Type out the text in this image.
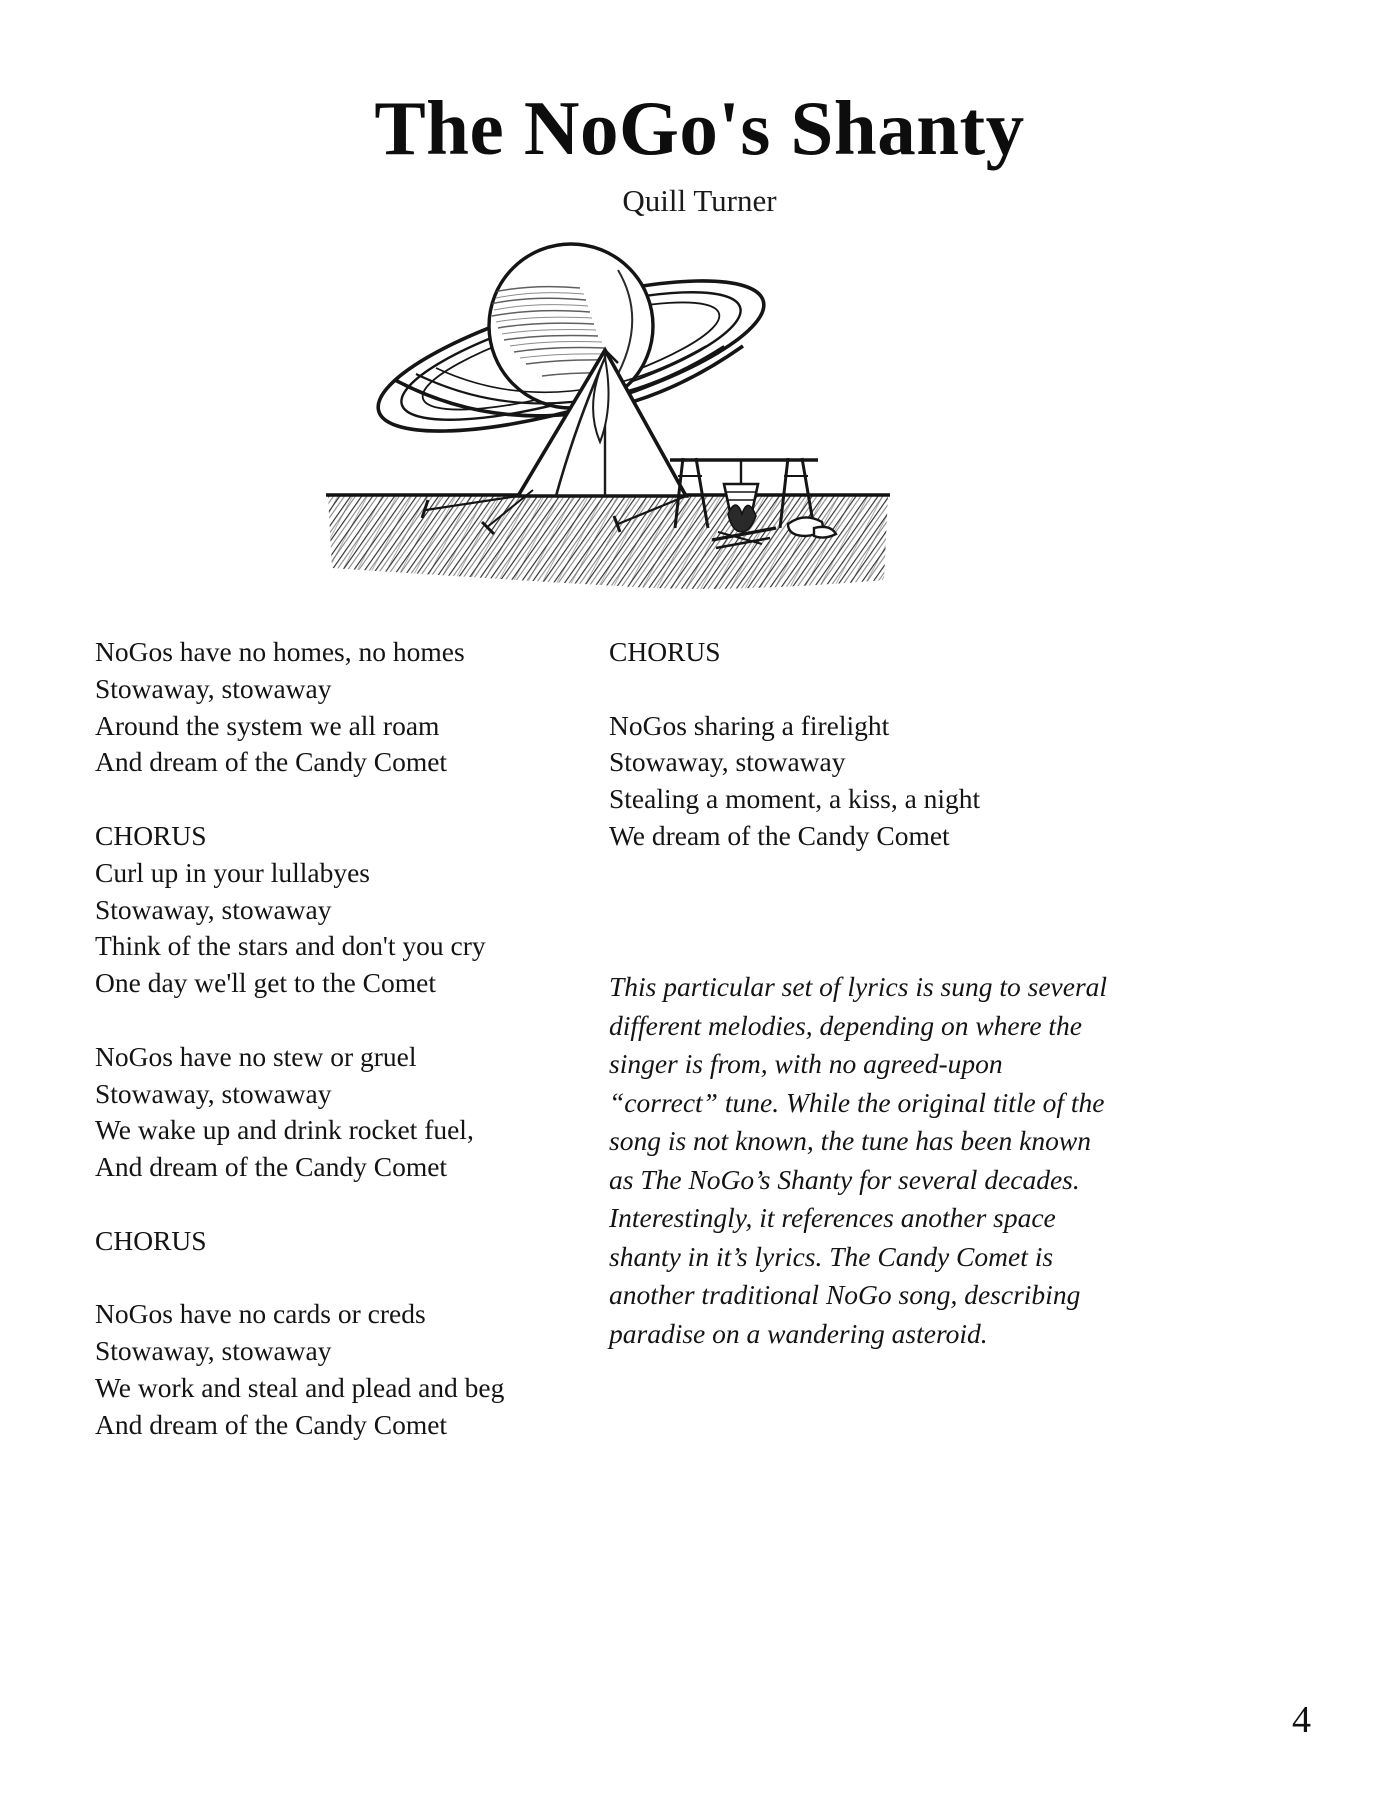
The NoGo's Shanty
Quill Turner
NoGos have no homes, no homes
Stowaway, stowaway
Around the system we all roam
And dream of the Candy Comet
CHORUS
Curl up in your lullabyes
Stowaway, stowaway
Think of the stars and don't you cry
One day we'll get to the Comet
NoGos have no stew or gruel
Stowaway, stowaway
We wake up and drink rocket fuel,
And dream of the Candy Comet
CHORUS
NoGos have no cards or creds
Stowaway, stowaway
We work and steal and plead and beg
And dream of the Candy Comet
CHORUS
NoGos sharing a firelight
Stowaway, stowaway
Stealing a moment, a kiss, a night
We dream of the Candy Comet
This particular set of lyrics is sung to several different melodies, depending on where the singer is from, with no agreed-upon “correct” tune. While the original title of the song is not known, the tune has been known as The NoGo’s Shanty for several decades. Interestingly, it references another space shanty in it’s lyrics. The Candy Comet is another traditional NoGo song, describing paradise on a wandering asteroid.
4
